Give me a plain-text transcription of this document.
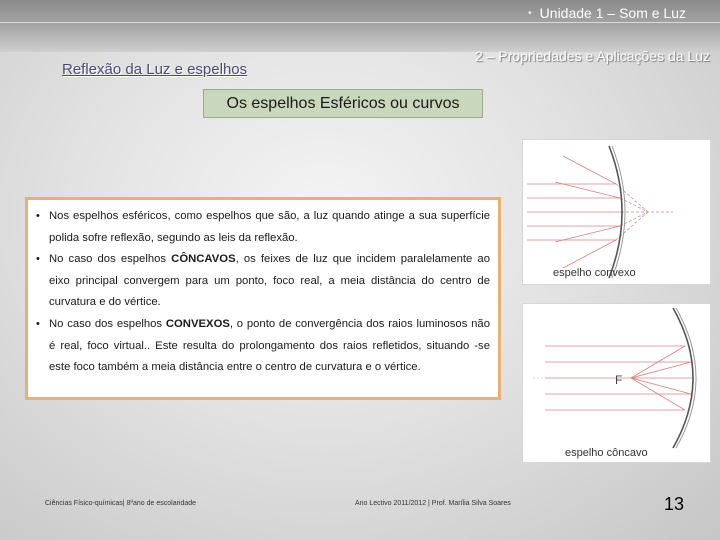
• Unidade 1 – Som e Luz
Reflexão da Luz e espelhos
2 – Propriedades e Aplicações da Luz
Os espelhos Esféricos ou curvos
• Nos espelhos esféricos, como espelhos que são, a luz quando atinge a sua superfície polida sofre reflexão, segundo as leis da reflexão.
• No caso dos espelhos CÔNCAVOS, os feixes de luz que incidem paralelamente ao eixo principal convergem para um ponto, foco real, a meia distância do centro de curvatura e do vértice.
• No caso dos espelhos CONVEXOS, o ponto de convergência dos raios luminosos não é real, foco virtual.. Este resulta do prolongamento dos raios refletidos, situando -se este foco também a meia distância entre o centro de curvatura e o vértice.
espelho convexo
F
espelho côncavo
Ciências Físico-químicas| 8ºano de escolaridade	Ano Lectivo 2011/2012 | Prof. Marília Silva Soares	13
